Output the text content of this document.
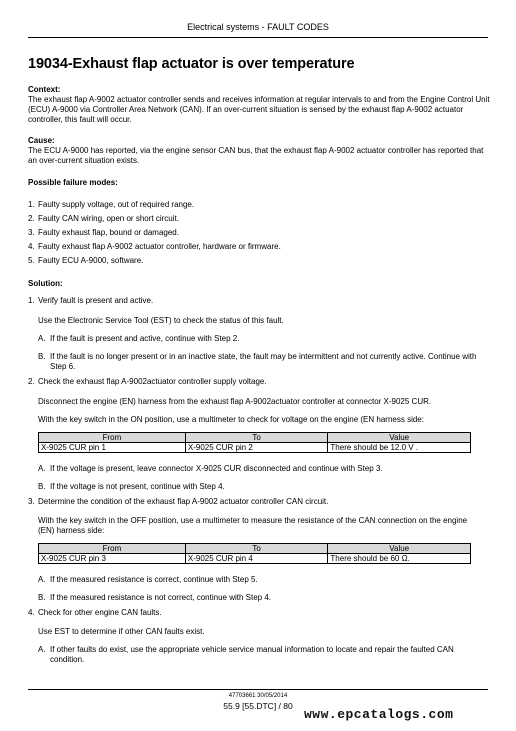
Electrical systems - FAULT CODES
19034-Exhaust flap actuator is over temperature
Context:
The exhaust flap A-9002 actuator controller sends and receives information at regular intervals to and from the Engine Control Unit (ECU) A-9000 via Controller Area Network (CAN). If an over-current situation is sensed by the exhaust flap A-9002 actuator controller, this fault will occur.
Cause:
The ECU A-9000 has reported, via the engine sensor CAN bus, that the exhaust flap A-9002 actuator controller has reported that an over-current situation exists.
Possible failure modes:
1. Faulty supply voltage, out of required range.
2. Faulty CAN wiring, open or short circuit.
3. Faulty exhaust flap, bound or damaged.
4. Faulty exhaust flap A-9002 actuator controller, hardware or firmware.
5. Faulty ECU A-9000, software.
Solution:
1. Verify fault is present and active.
Use the Electronic Service Tool (EST) to check the status of this fault.
A. If the fault is present and active, continue with Step 2.
B. If the fault is no longer present or in an inactive state, the fault may be intermittent and not currently active. Continue with Step 6.
2. Check the exhaust flap A-9002actuator controller supply voltage.
Disconnect the engine (EN) harness from the exhaust flap A-9002actuator controller at connector X-9025 CUR.
With the key switch in the ON position, use a multimeter to check for voltage on the engine (EN harness side:
From	To	Value
X-9025 CUR pin 1	X-9025 CUR pin 2	There should be 12.0 V .
A. If the voltage is present, leave connector X-9025 CUR disconnected and continue with Step 3.
B. If the voltage is not present, continue with Step 4.
3. Determine the condition of the exhaust flap A-9002 actuator controller CAN circuit.
With the key switch in the OFF position, use a multimeter to measure the resistance of the CAN connection on the engine (EN) harness side:
From	To	Value
X-9025 CUR pin 3	X-9025 CUR pin 4	There should be 60 Ω.
A. If the measured resistance is correct, continue with Step 5.
B. If the measured resistance is not correct, continue with Step 4.
4. Check for other engine CAN faults.
Use EST to determine if other CAN faults exist.
A. If other faults do exist, use the appropriate vehicle service manual information to locate and repair the faulted CAN condition.
47703661 30/05/2014
55.9 [55.DTC] / 80
www.epcatalogs.com
